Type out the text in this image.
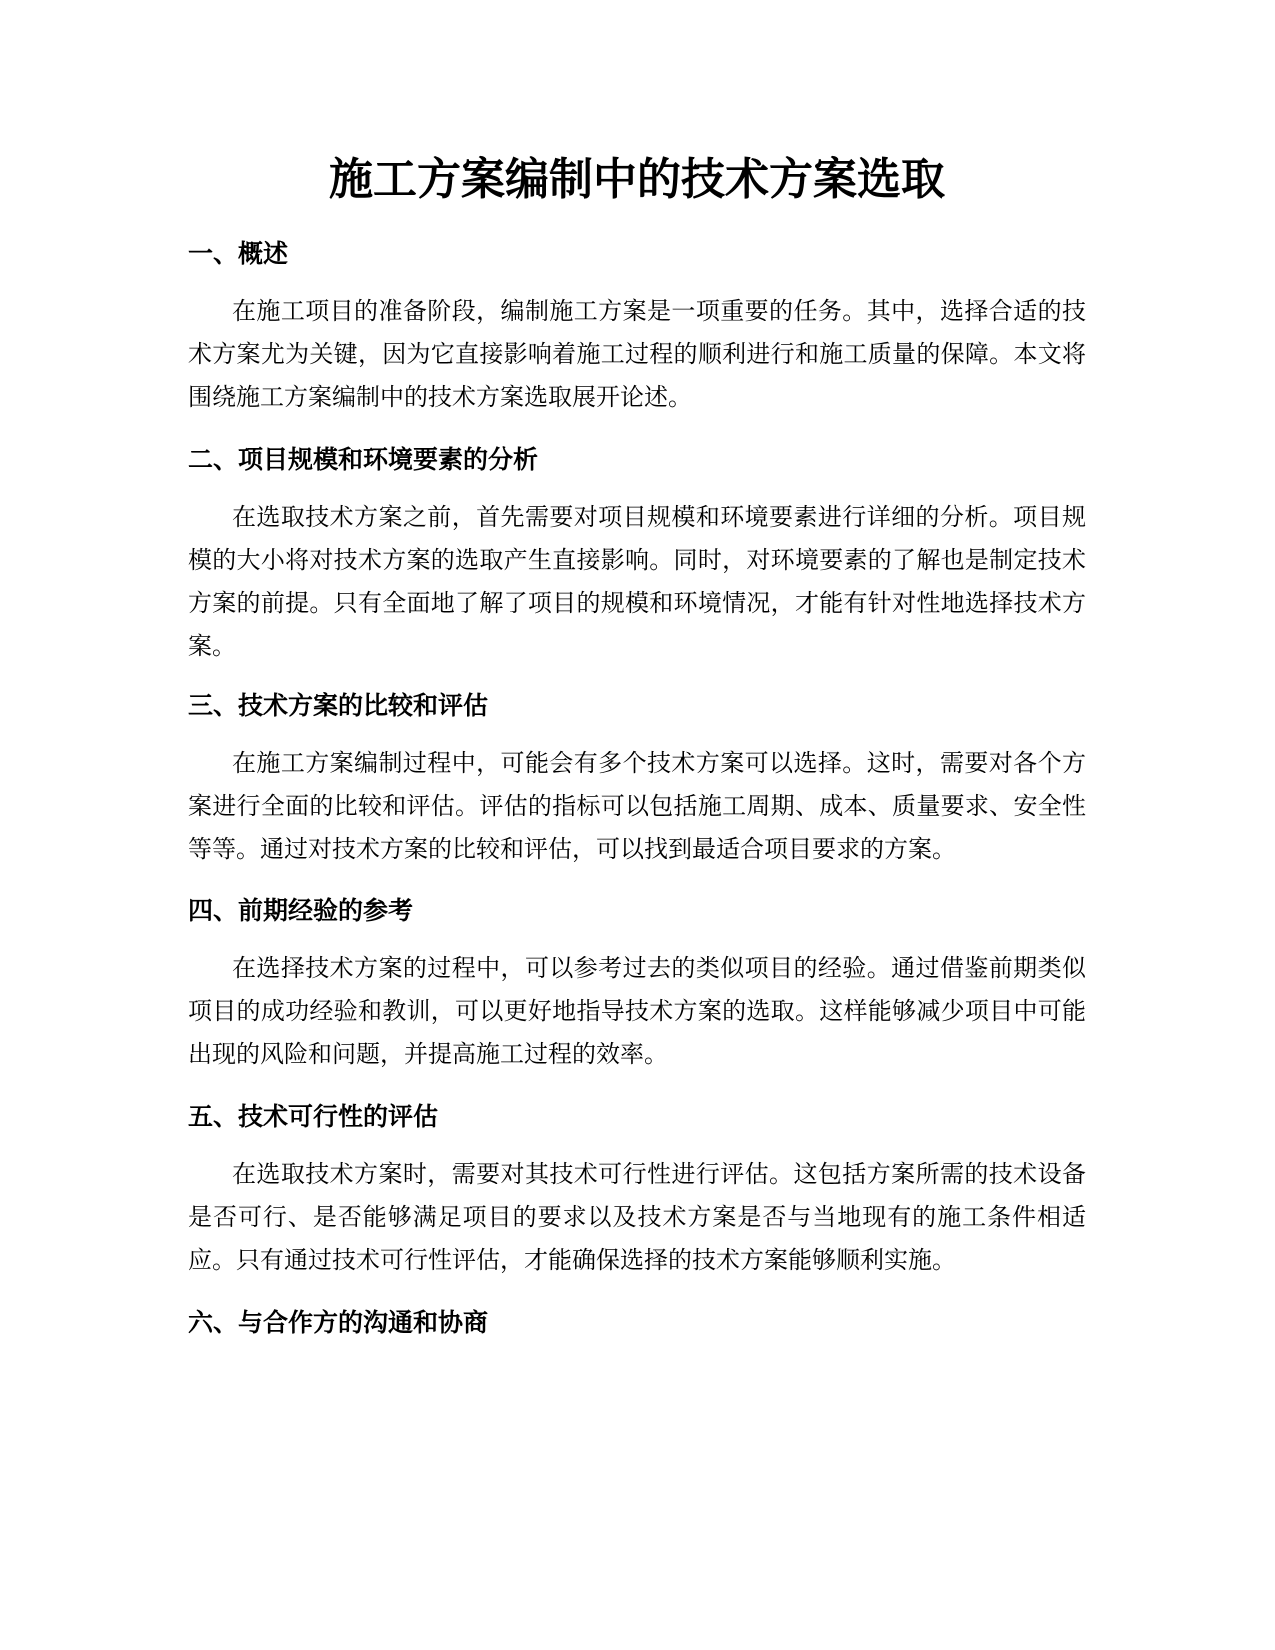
施工方案编制中的技术方案选取
一、概述

在施工项目的准备阶段，编制施工方案是一项重要的任务。其中，选择合适的技术方案尤为关键，因为它直接影响着施工过程的顺利进行和施工质量的保障。本文将围绕施工方案编制中的技术方案选取展开论述。

二、项目规模和环境要素的分析

在选取技术方案之前，首先需要对项目规模和环境要素进行详细的分析。项目规模的大小将对技术方案的选取产生直接影响。同时，对环境要素的了解也是制定技术方案的前提。只有全面地了解了项目的规模和环境情况，才能有针对性地选择技术方案。

三、技术方案的比较和评估

在施工方案编制过程中，可能会有多个技术方案可以选择。这时，需要对各个方案进行全面的比较和评估。评估的指标可以包括施工周期、成本、质量要求、安全性等等。通过对技术方案的比较和评估，可以找到最适合项目要求的方案。

四、前期经验的参考

在选择技术方案的过程中，可以参考过去的类似项目的经验。通过借鉴前期类似项目的成功经验和教训，可以更好地指导技术方案的选取。这样能够减少项目中可能出现的风险和问题，并提高施工过程的效率。

五、技术可行性的评估

在选取技术方案时，需要对其技术可行性进行评估。这包括方案所需的技术设备是否可行、是否能够满足项目的要求以及技术方案是否与当地现有的施工条件相适应。只有通过技术可行性评估，才能确保选择的技术方案能够顺利实施。

六、与合作方的沟通和协商
